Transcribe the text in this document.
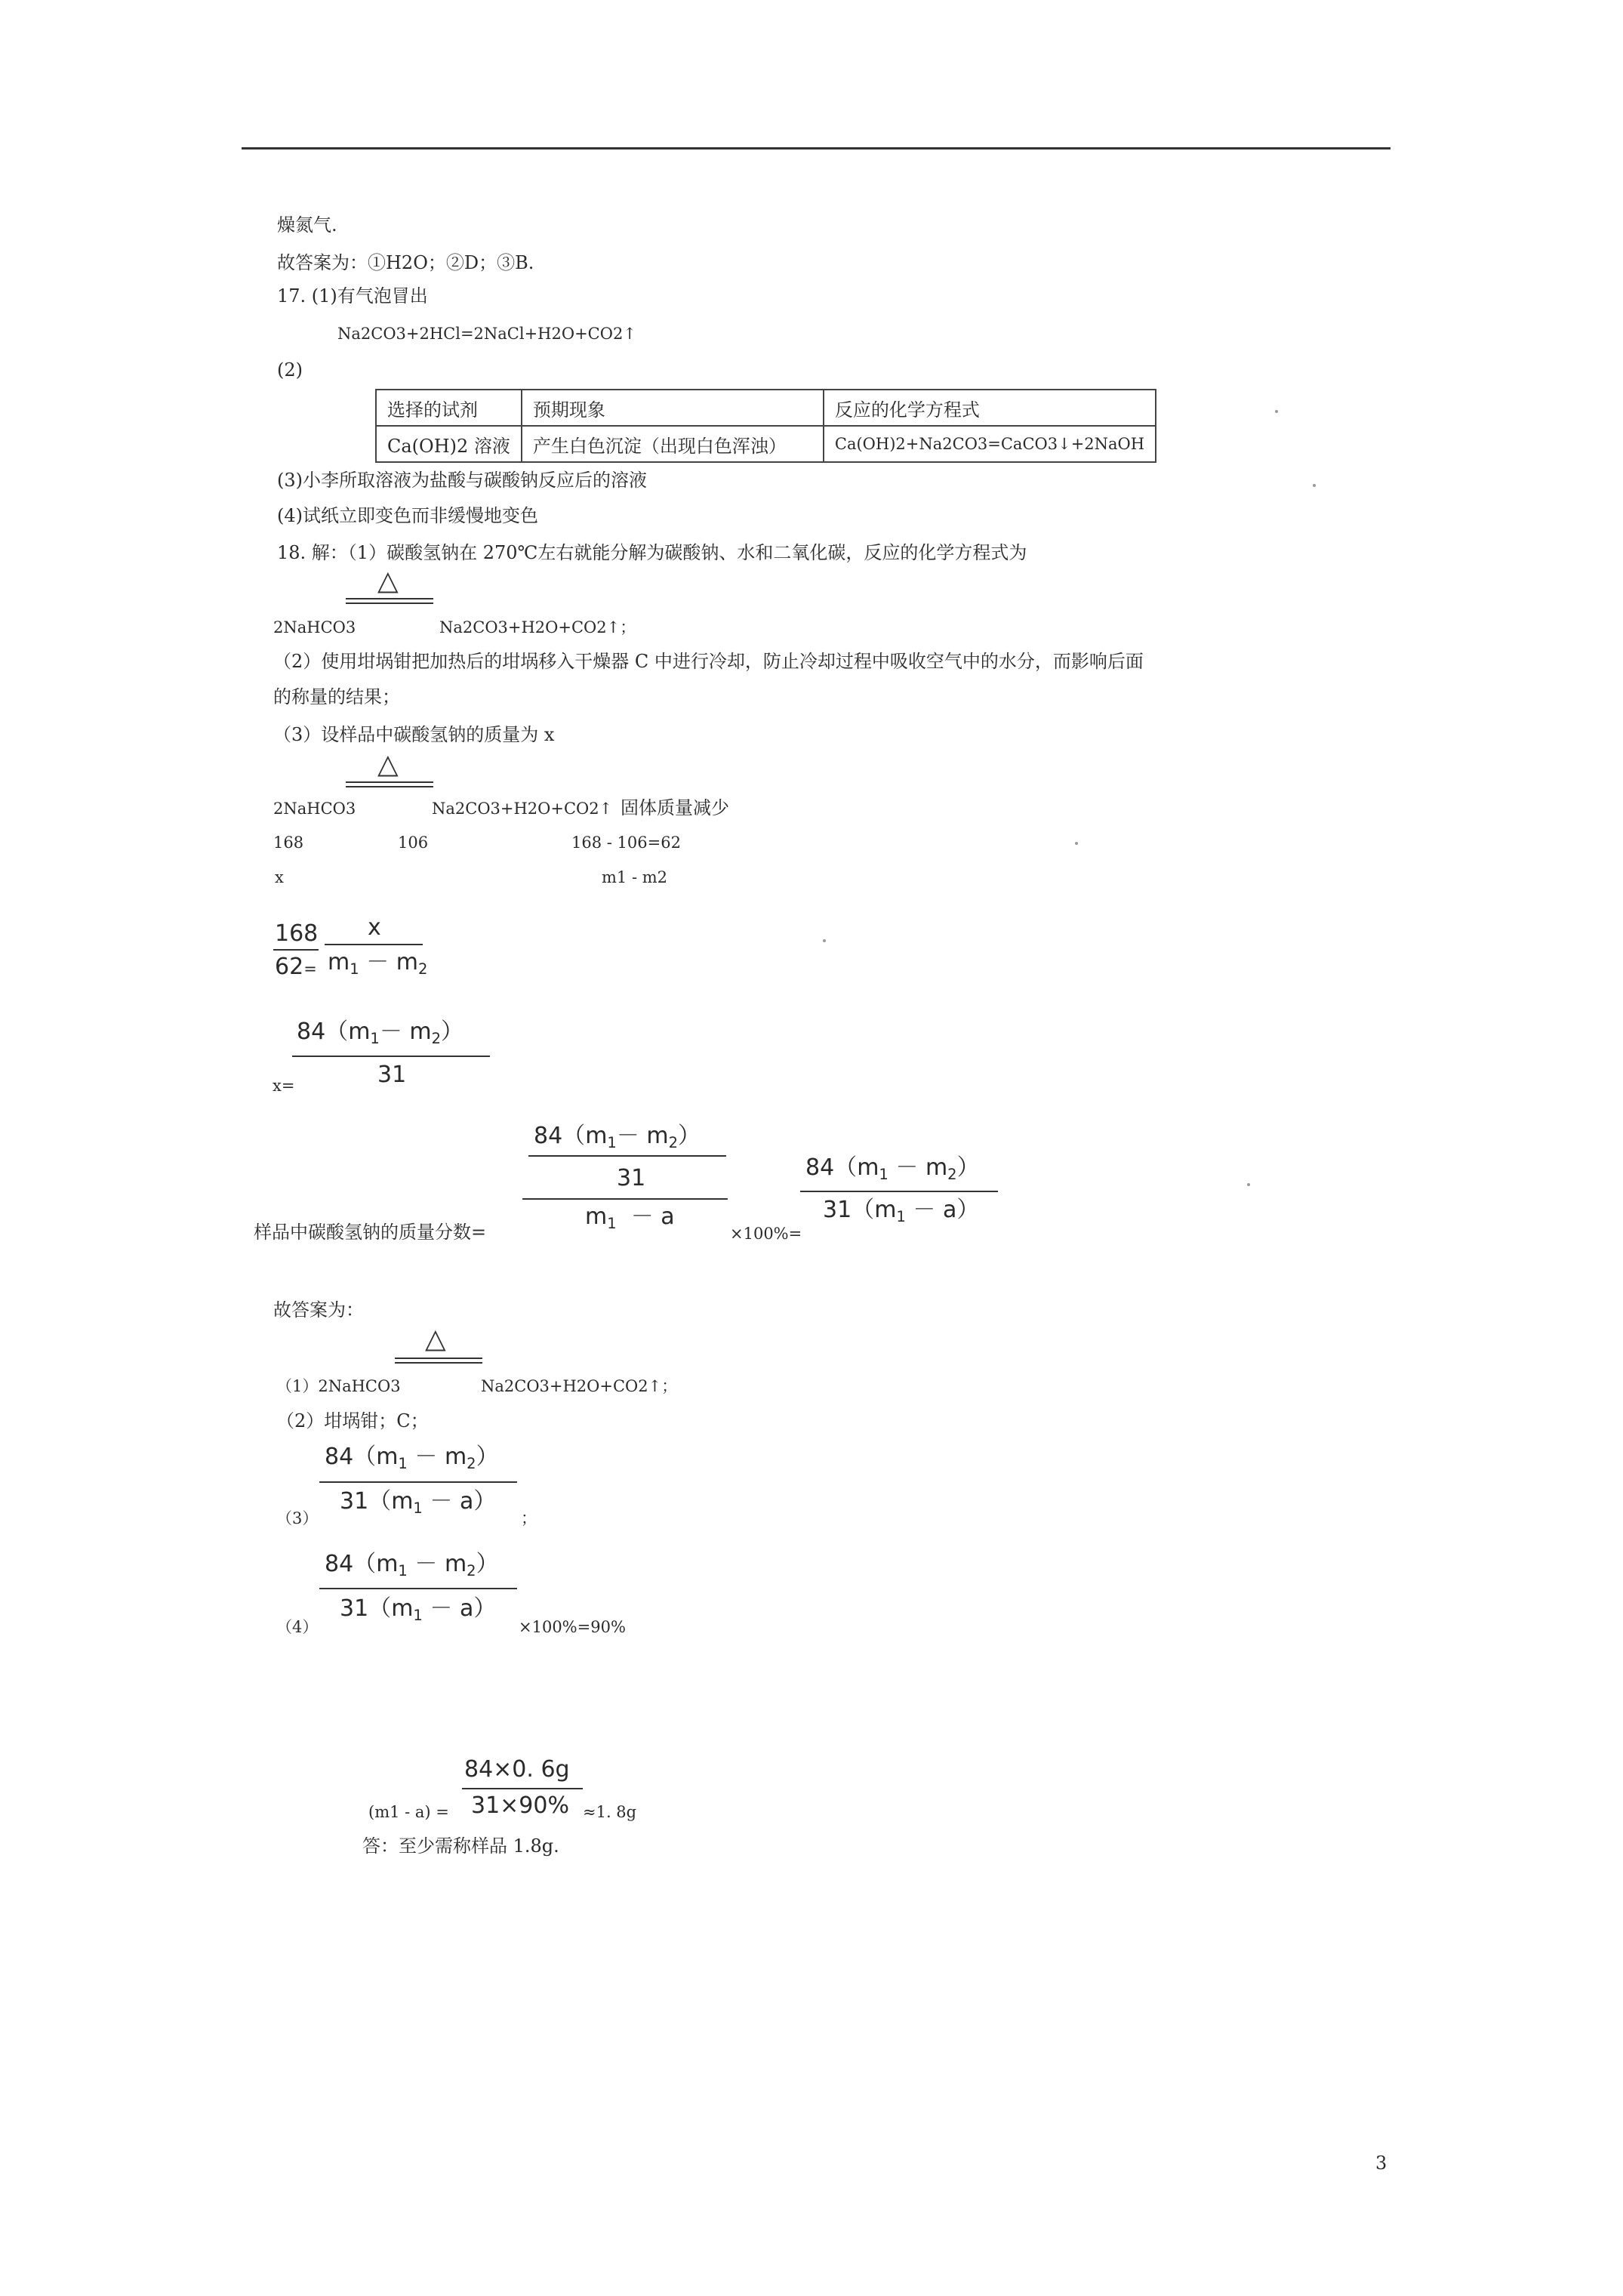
燥氮气.
故答案为：①H2O；②D；③B.
17. (1)有气泡冒出
Na2CO3+2HCl=2NaCl+H2O+CO2↑
(2)
选择的试剂	预期现象	反应的化学方程式
Ca(OH)2 溶液	产生白色沉淀（出现白色浑浊）	Ca(OH)2+Na2CO3=CaCO3↓+2NaOH
(3)小李所取溶液为盐酸与碳酸钠反应后的溶液
(4)试纸立即变色而非缓慢地变色
18. 解：（1）碳酸氢钠在 270℃左右就能分解为碳酸钠、水和二氧化碳，反应的化学方程式为
△
2NaHCO3	Na2CO3+H2O+CO2↑；
（2）使用坩埚钳把加热后的坩埚移入干燥器 C 中进行冷却，防止冷却过程中吸收空气中的水分，而影响后面
的称量的结果；
（3）设样品中碳酸氢钠的质量为 x
△
2NaHCO3	Na2CO3+H2O+CO2↑ 固体质量减少
168	106	168 - 106=62
x	m1 - m2
168
62=
x
$m_1 - m_2$
$84(m_1- m_2)$
31
x=
$84(m_1- m_2)$
31
$m_1 - a$
样品中碳酸氢钠的质量分数=	×100%=
$84(m_1 - m_2)$
$31(m_1 - a)$
故答案为：
△
（1）2NaHCO3	Na2CO3+H2O+CO2↑；
（2）坩埚钳；C；
$84(m_1 - m_2)$
$31(m_1 - a)$
（3）	；
$84(m_1 - m_2)$
$31(m_1 - a)$
（4）	×100%=90%
84×0. 6g
(m1 - a) = 31×90% ≈1. 8g
答：至少需称样品 1.8g.
3
